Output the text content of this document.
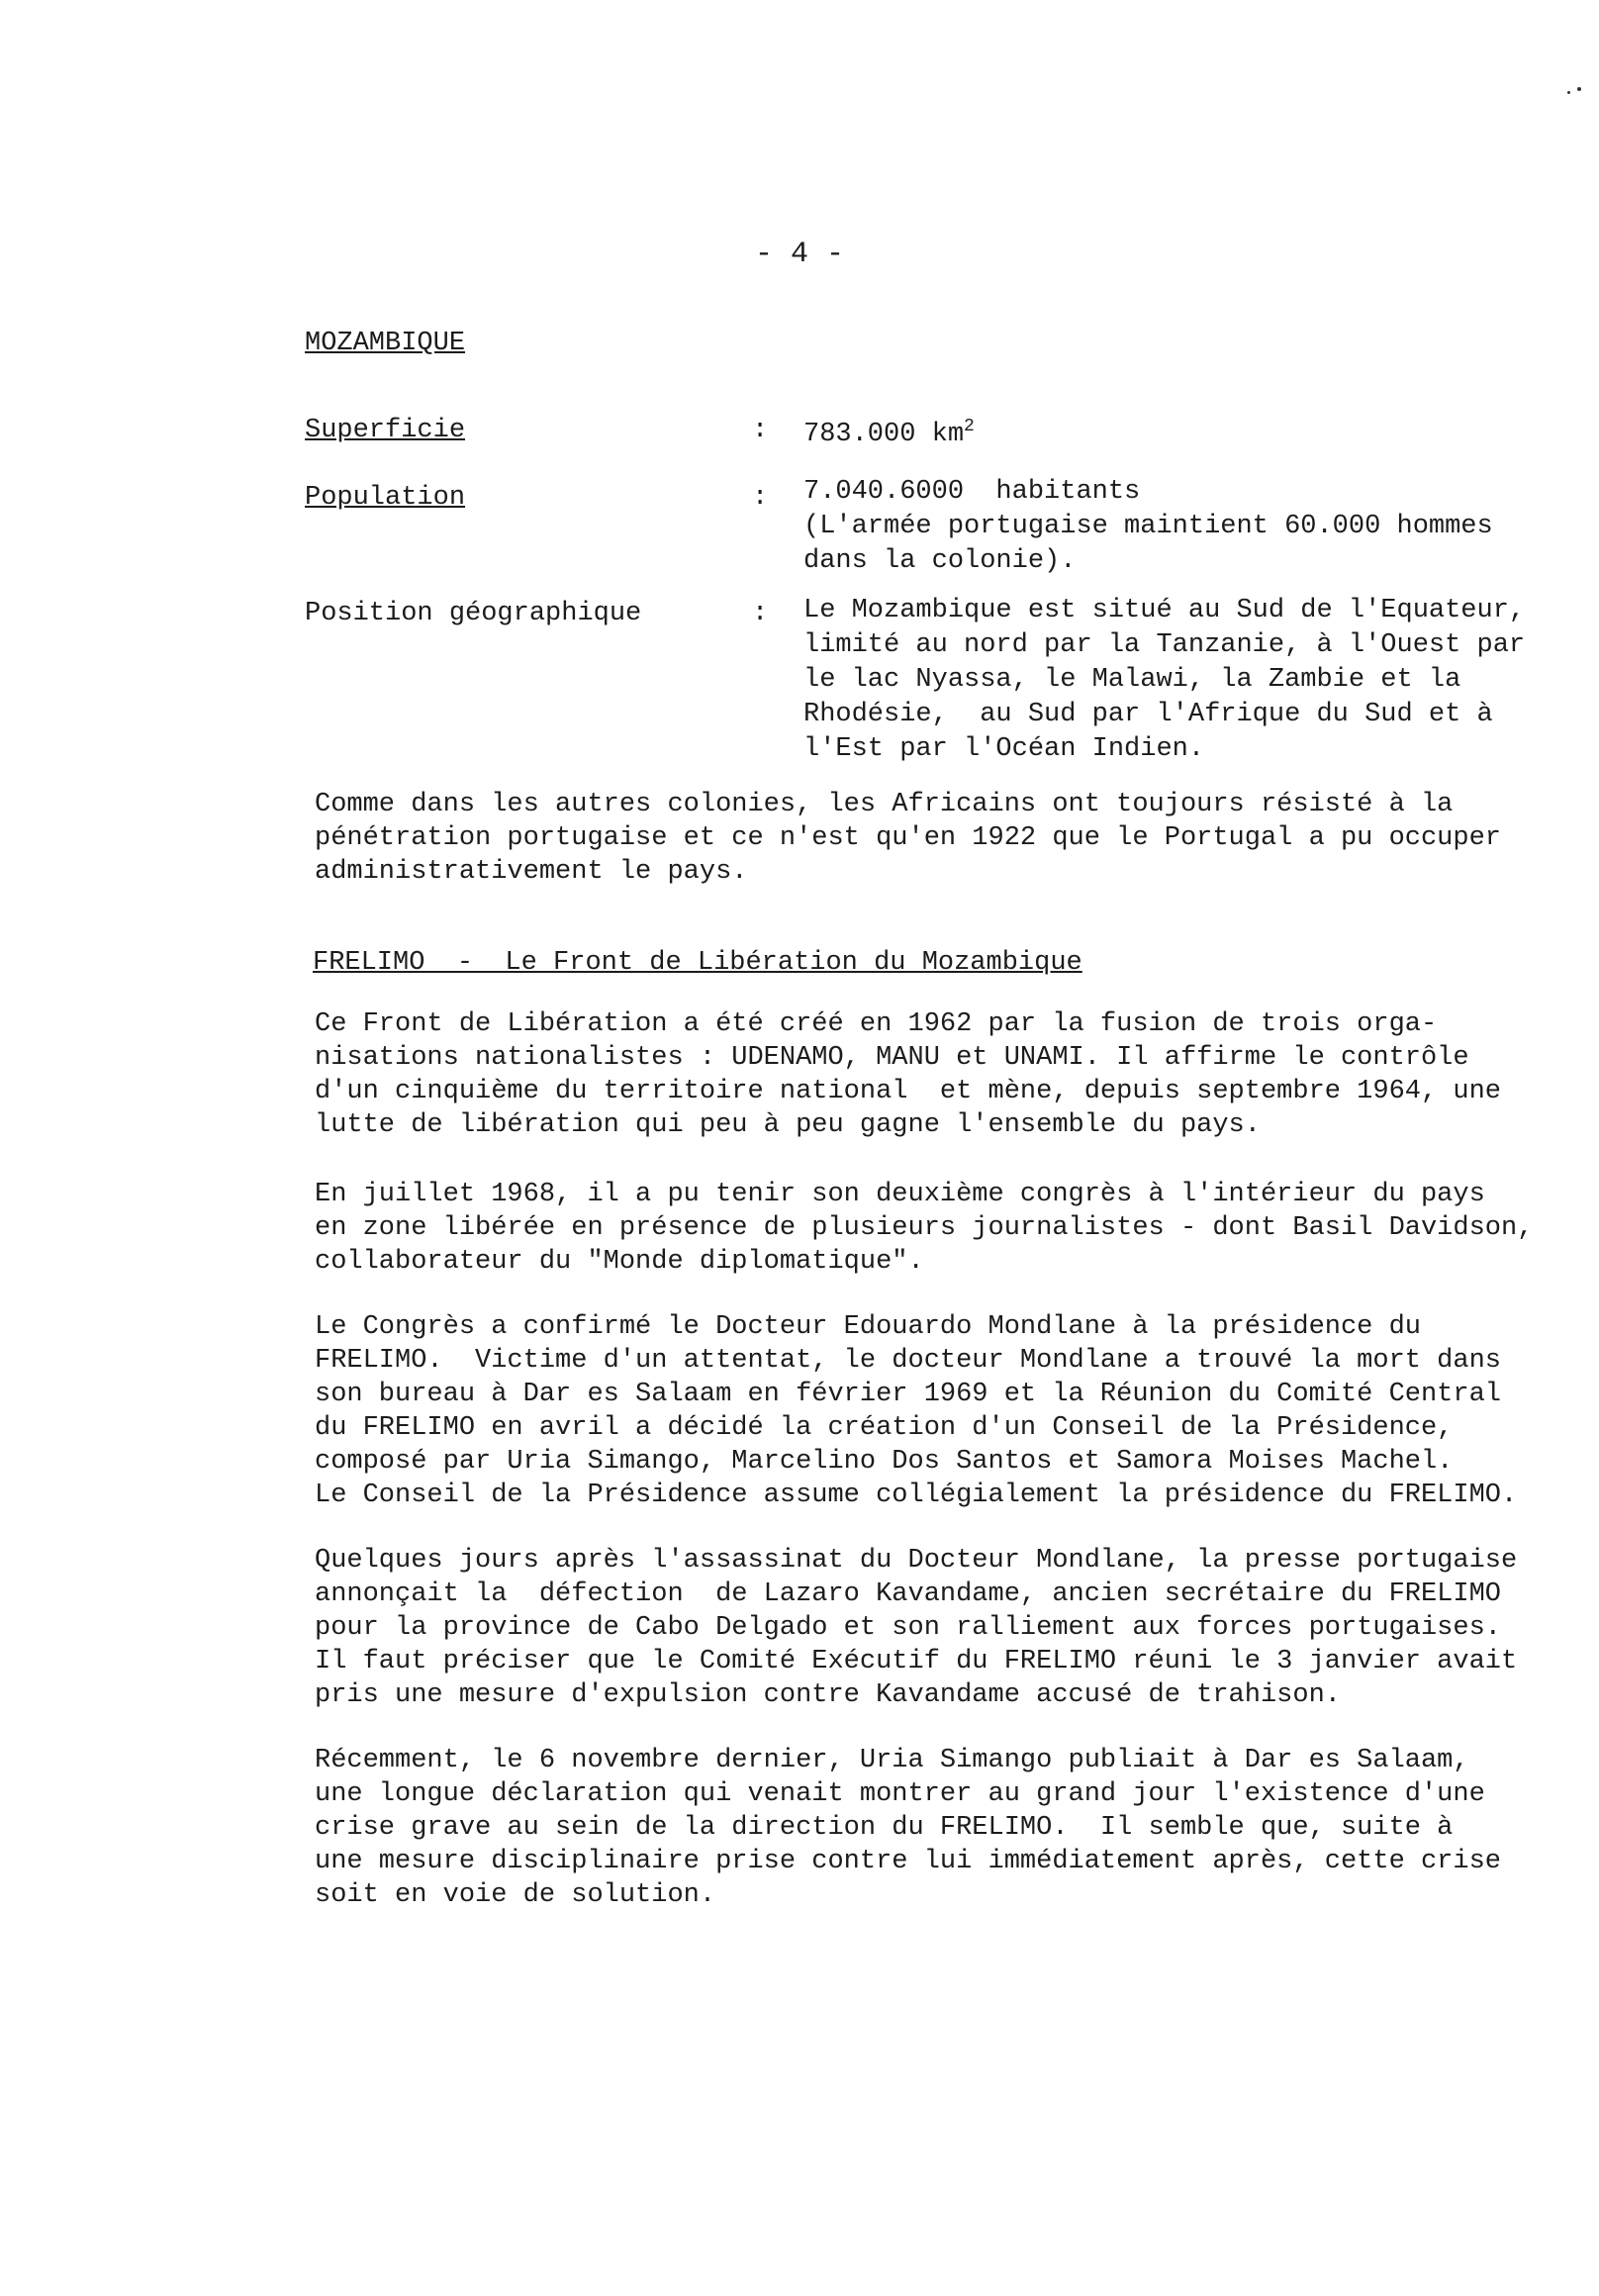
- 4 -
MOZAMBIQUE
Superficie	: 783.000 $km^2$
Population	: 7.040.6000  habitants
(L'armée portugaise maintient 60.000 hommes
dans la colonie).
Position géographique	: Le Mozambique est situé au Sud de l'Equateur,
limité au nord par la Tanzanie, à l'Ouest par
le lac Nyassa, le Malawi, la Zambie et la
Rhodésie,  au Sud par l'Afrique du Sud et à
l'Est par l'Océan Indien.
Comme dans les autres colonies, les Africains ont toujours résisté à la
pénétration portugaise et ce n'est qu'en 1922 que le Portugal a pu occuper
administrativement le pays.
FRELIMO  -  Le Front de Libération du Mozambique
Ce Front de Libération a été créé en 1962 par la fusion de trois orga-
nisations nationalistes : UDENAMO, MANU et UNAMI. Il affirme le contrôle
d'un cinquième du territoire national  et mène, depuis septembre 1964, une
lutte de libération qui peu à peu gagne l'ensemble du pays.
En juillet 1968, il a pu tenir son deuxième congrès à l'intérieur du pays
en zone libérée en présence de plusieurs journalistes - dont Basil Davidson,
collaborateur du "Monde diplomatique".
Le Congrès a confirmé le Docteur Edouardo Mondlane à la présidence du
FRELIMO.  Victime d'un attentat, le docteur Mondlane a trouvé la mort dans
son bureau à Dar es Salaam en février 1969 et la Réunion du Comité Central
du FRELIMO en avril a décidé la création d'un Conseil de la Présidence,
composé par Uria Simango, Marcelino Dos Santos et Samora Moises Machel.
Le Conseil de la Présidence assume collégialement la présidence du FRELIMO.
Quelques jours après l'assassinat du Docteur Mondlane, la presse portugaise
annonçait la  défection  de Lazaro Kavandame, ancien secrétaire du FRELIMO
pour la province de Cabo Delgado et son ralliement aux forces portugaises.
Il faut préciser que le Comité Exécutif du FRELIMO réuni le 3 janvier avait
pris une mesure d'expulsion contre Kavandame accusé de trahison.
Récemment, le 6 novembre dernier, Uria Simango publiait à Dar es Salaam,
une longue déclaration qui venait montrer au grand jour l'existence d'une
crise grave au sein de la direction du FRELIMO.  Il semble que, suite à
une mesure disciplinaire prise contre lui immédiatement après, cette crise
soit en voie de solution.
